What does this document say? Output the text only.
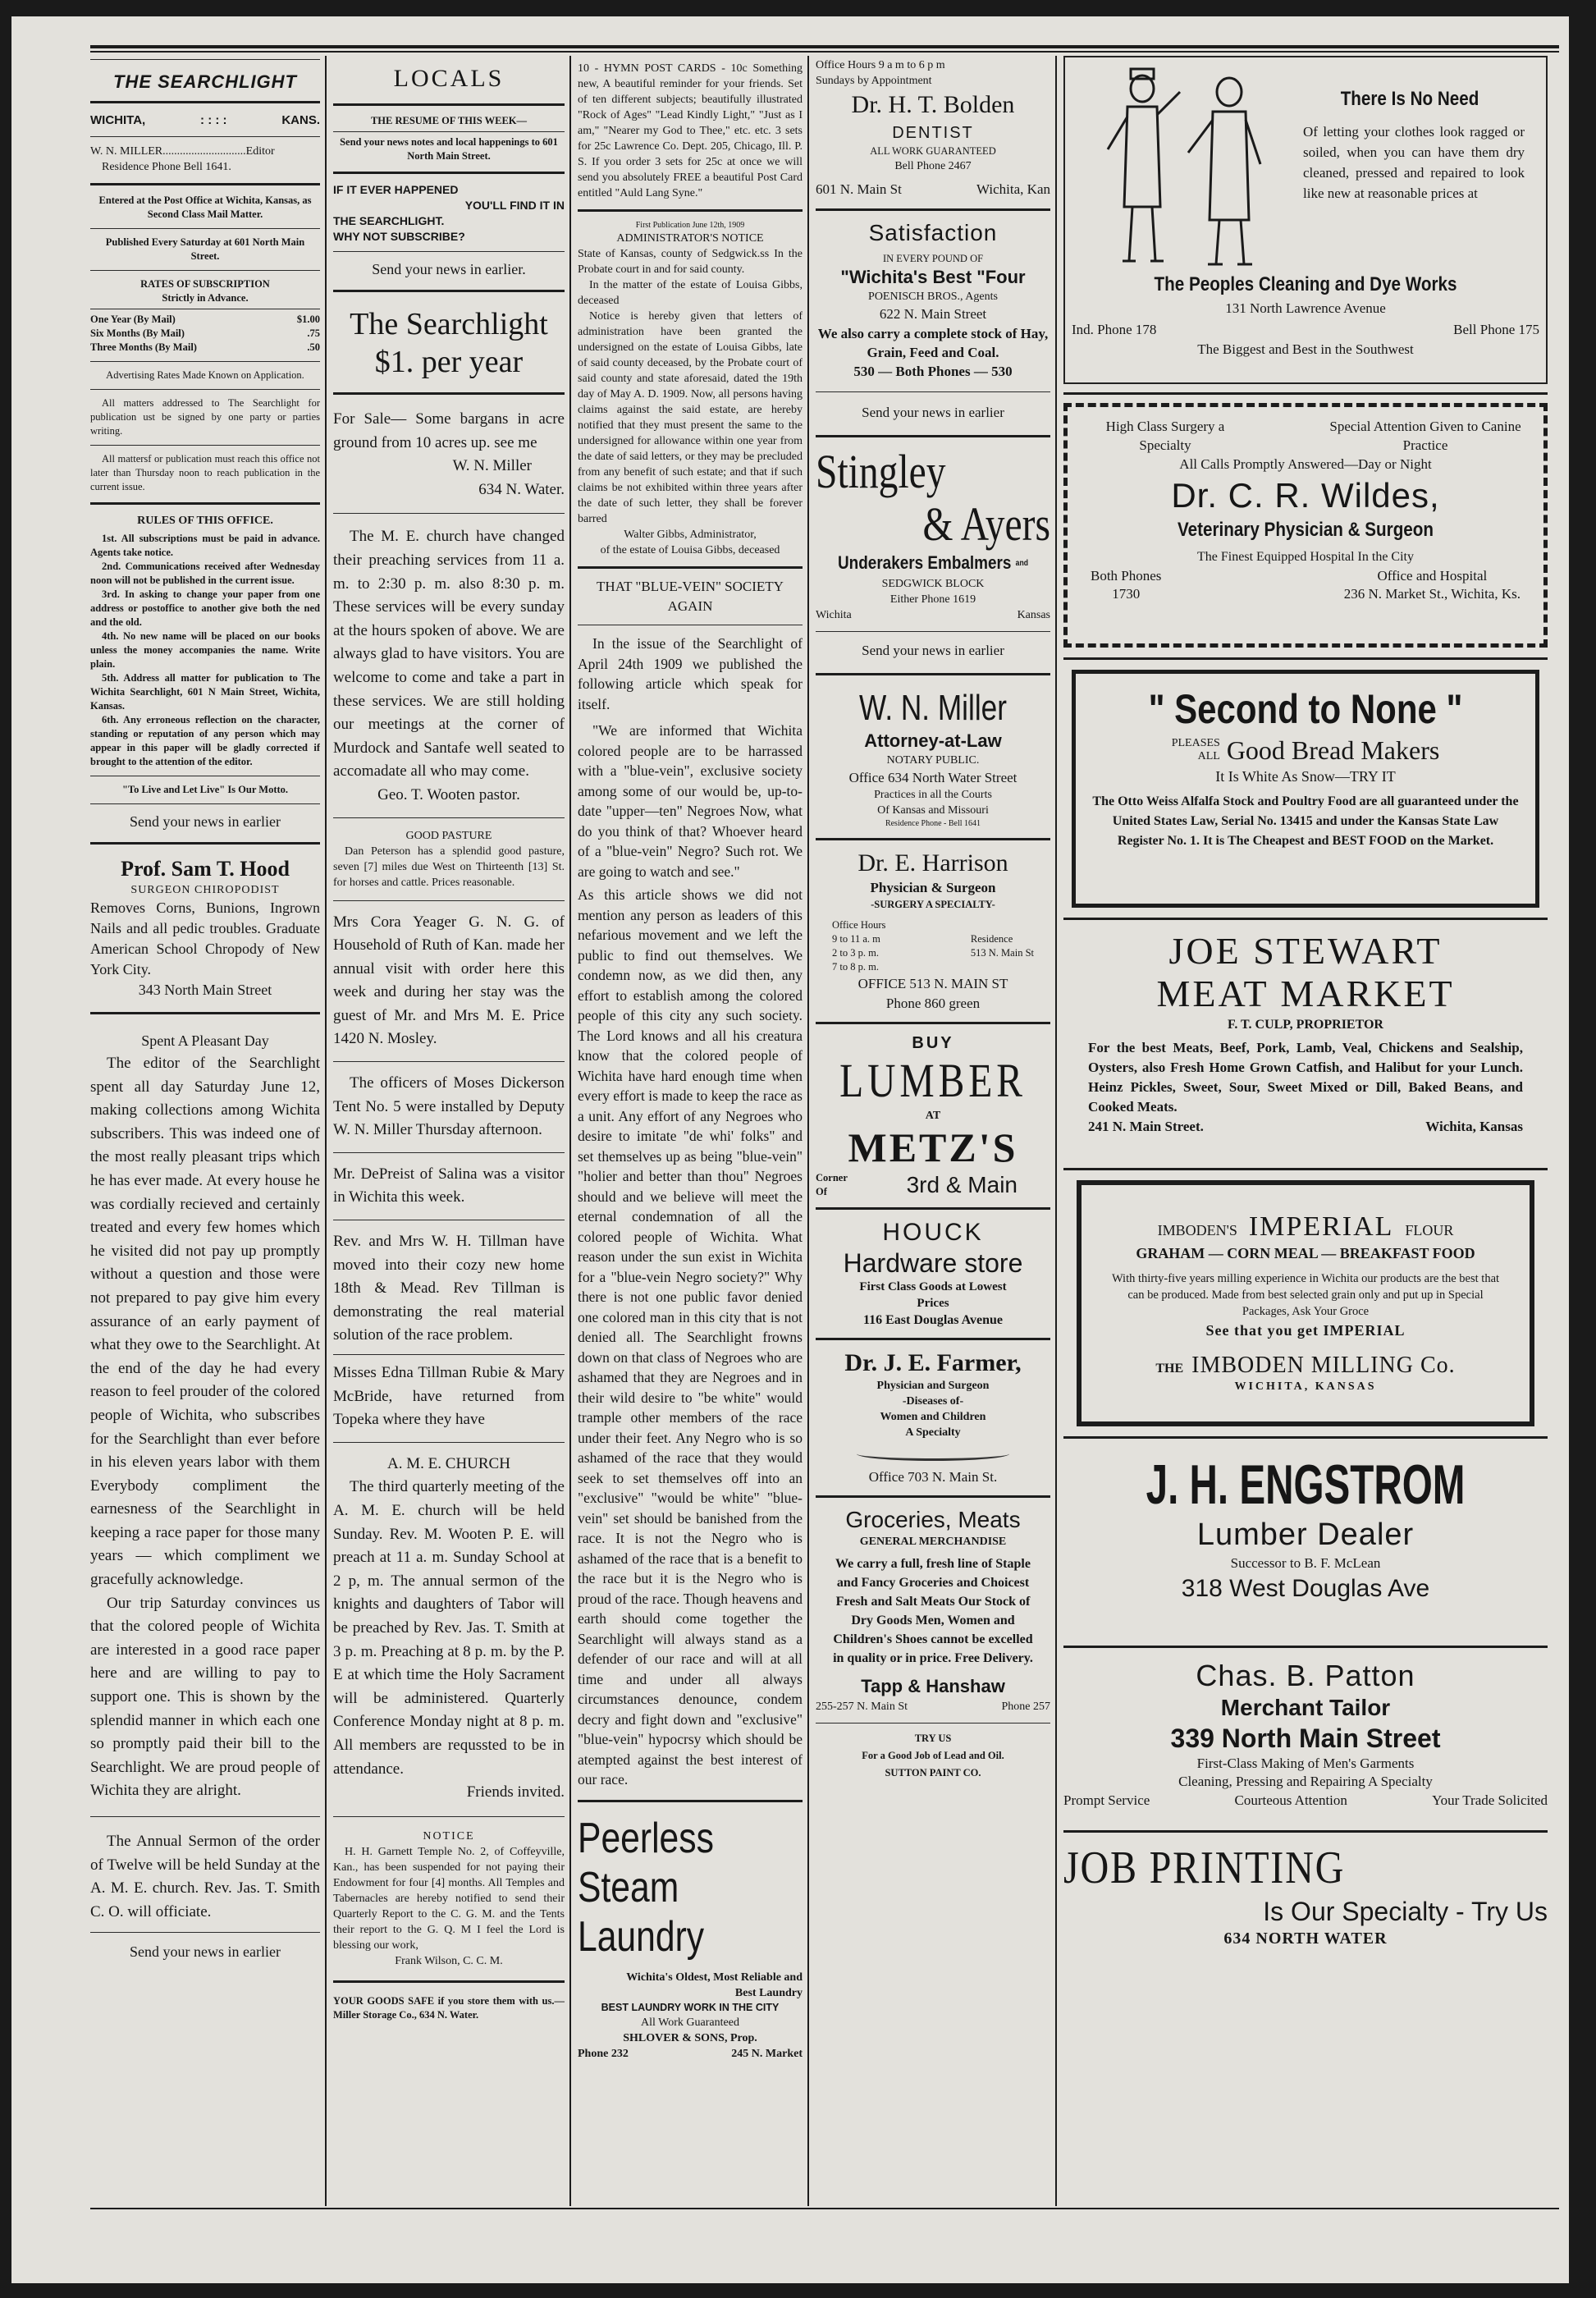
THE SEARCHLIGHT

WICHITA,	: : : :	KANS.

W. N. MILLER.............................Editor

Residence Phone Bell 1641.

Entered at the Post Office at Wichita, Kansas, as Second Class Mail Matter.

Published Every Saturday at 601 North Main Street.

RATES OF SUBSCRIPTION

Strictly in Advance.

One Year (By Mail)	$1.00
Six Months (By Mail)	.75
Three Months (By Mail)	.50

Advertising Rates Made Known on Application.

All matters addressed to The Searchlight for publication ust be signed by one party or parties writing.

All mattersf or publication must reach this office not later than Thursday noon to reach publication in the current issue.

RULES OF THIS OFFICE.

1st. All subscriptions must be paid in advance. Agents take notice.

2nd. Communications received after Wednesday noon will not be published in the current issue.

3rd. In asking to change your paper from one address or postoffice to another give both the ned and the old.

4th. No new name will be placed on our books unless the money accompanies the name. Write plain.

5th. Address all matter for publication to The Wichita Searchlight, 601 N Main Street, Wichita, Kansas.

6th. Any erroneous reflection on the character, standing or reputation of any person which may appear in this paper will be gladly corrected if brought to the attention of the editor.

"To Live and Let Live" Is Our Motto.

Send your news in earlier

Prof. Sam T. Hood

SURGEON CHIROPODIST

Removes Corns, Bunions, Ingrown Nails and all pedic troubles. Graduate American School Chropody of New York City.

343 North Main Street

Spent A Pleasant Day

The editor of the Searchlight spent all day Saturday June 12, making collections among Wichita subscribers. This was indeed one of the most really pleasant trips which he has ever made. At every house he was cordially recieved and certainly treated and every few homes which he visited did not pay up promptly without a question and those were not prepared to pay give him every assurance of an early payment of what they owe to the Searchlight. At the end of the day he had every reason to feel prouder of the colored people of Wichita, who subscribes for the Searchlight than ever before in his eleven years labor with them Everybody compliment the earnesness of the Searchlight in keeping a race paper for those many years — which compliment we gracefully acknowledge.

Our trip Saturday convinces us that the colored people of Wichita are interested in a good race paper here and are willing to pay to support one. This is shown by the splendid manner in which each one so promptly paid their bill to the Searchlight. We are proud people of Wichita they are alright.

The Annual Sermon of the order of Twelve will be held Sunday at the A. M. E. church. Rev. Jas. T. Smith C. O. will officiate.

Send your news in earlier

LOCALS

THE RESUME OF THIS WEEK—

Send your news notes and local happenings to 601 North Main Street.

IF IT EVER HAPPENED

YOU'LL FIND IT IN

THE SEARCHLIGHT.

WHY NOT SUBSCRIBE?

Send your news in earlier.

The Searchlight

$1. per year

For Sale— Some bargans in acre ground from 10 acres up. see me

W. N. Miller

634 N. Water.

The M. E. church have changed their preaching services from 11 a. m. to 2:30 p. m. also 8:30 p. m. These services will be every sunday at the hours spoken of above. We are always glad to have visitors. You are welcome to come and take a part in these services. We are still holding our meetings at the corner of Murdock and Santafe well seated to accomadate all who may come.

Geo. T. Wooten pastor.

GOOD PASTURE

Dan Peterson has a splendid good pasture, seven [7] miles due West on Thirteenth [13] St. for horses and cattle. Prices reasonable.

Mrs Cora Yeager G. N. G. of Household of Ruth of Kan. made her annual visit with order here this week and during her stay was the guest of Mr. and Mrs M. E. Price 1420 N. Mosley.

The officers of Moses Dickerson Tent No. 5 were installed by Deputy W. N. Miller Thursday afternoon.

Mr. DePreist of Salina was a visitor in Wichita this week.

Rev. and Mrs W. H. Tillman have moved into their cozy new home 18th & Mead. Rev Tillman is demonstrating the real material solution of the race problem.

Misses Edna Tillman Rubie & Mary McBride, have returned from Topeka where they have

A. M. E. CHURCH

The third quarterly meeting of the A. M. E. church will be held Sunday. Rev. M. Wooten P. E. will preach at 11 a. m. Sunday School at 2 p, m. The annual sermon of the knights and daughters of Tabor will be preached by Rev. Jas. T. Smith at 3 p. m. Preaching at 8 p. m. by the P. E at which time the Holy Sacrament will be administered. Quarterly Conference Monday night at 8 p. m. All members are requssted to be in attendance.

Friends invited.

NOTICE

H. H. Garnett Temple No. 2, of Coffeyville, Kan., has been suspended for not paying their Endowment for four [4] months. All Temples and Tabernacles are hereby notified to send their Quarterly Report to the C. G. M. and the Tents their report to the G. Q. M I feel the Lord is blessing our work,

Frank Wilson, C. C. M.

YOUR GOODS SAFE if you store them with us.—Miller Storage Co., 634 N. Water.

10 - HYMN POST CARDS - 10c Something new, A beautiful reminder for your friends. Set of ten different subjects; beautifully illustrated "Rock of Ages" "Lead Kindly Light," "Just as I am," "Nearer my God to Thee," etc. etc. 3 sets for 25c Lawrence Co. Dept. 205, Chicago, Ill. P. S. If you order 3 sets for 25c at once we will send you absolutely FREE a beautiful Post Card entitled "Auld Lang Syne."

First Publication June 12th, 1909

ADMINISTRATOR'S NOTICE

State of Kansas, county of Sedgwick.ss In the Probate court in and for said county.

In the matter of the estate of Louisa Gibbs, deceased

Notice is hereby given that letters of administration have been granted the undersigned on the estate of Louisa Gibbs, late of said county deceased, by the Probate court of said county and state aforesaid, dated the 19th day of May A. D. 1909. Now, all persons having claims against the said estate, are hereby notified that they must present the same to the undersigned for allowance within one year from the date of said letters, or they may be precluded from any benefit of such estate; and that if such claims be not exhibited within three years after the date of such letter, they shall be forever barred

Walter Gibbs, Administrator,

of the estate of Louisa Gibbs, deceased

THAT "BLUE-VEIN" SOCIETY AGAIN

In the issue of the Searchlight of April 24th 1909 we published the following article which speak for itself.

"We are informed that Wichita colored people are to be harrassed with a "blue-vein", exclusive society among some of our would be, up-to-date "upper—ten" Negroes Now, what do you think of that? Whoever heard of a "blue-vein" Negro? Such rot. We are going to watch and see."

As this article shows we did not mention any person as leaders of this nefarious movement and we left the public to find out themselves. We condemn now, as we did then, any effort to establish among the colored people of this city any such society. The Lord knows and all his creatura know that the colored people of Wichita have hard enough time when every effort is made to keep the race as a unit. Any effort of any Negroes who desire to imitate "de whi' folks" and set themselves up as being "blue-vein" "holier and better than thou" Negroes should and we believe will meet the eternal condemnation of all the colored people of Wichita. What reason under the sun exist in Wichita for a "blue-vein Negro society?" Why there is not one public favor denied one colored man in this city that is not denied all. The Searchlight frowns down on that class of Negroes who are ashamed that they are Negroes and in their wild desire to "be white" would trample other members of the race under their feet. Any Negro who is so ashamed of the race that they would seek to set themselves off into an "exclusive" "would be white" "blue-vein" set should be banished from the race. It is not the Negro who is ashamed of the race that is a benefit to the race but it is the Negro who is proud of the race. Though heavens and earth should come together the Searchlight will always stand as a defender of our race and will at all time and under all always circumstances denounce, condem decry and fight down and "exclusive" "blue-vein" hypocrsy which should be atempted against the best interest of our race.

Peerless

Steam

Laundry

Wichita's Oldest, Most Reliable and Best Laundry

BEST LAUNDRY WORK IN THE CITY

All Work Guaranteed

SHLOVER & SONS, Prop.

Phone 232	245 N. Market

Office Hours 9 a m to 6 p m

Sundays by Appointment

Dr. H. T. Bolden

DENTIST

ALL WORK GUARANTEED

Bell Phone 2467

601 N. Main St	Wichita, Kan

Satisfaction

IN EVERY POUND OF

"Wichita's Best "Four

POENISCH BROS., Agents

622 N. Main Street

We also carry a complete stock of Hay, Grain, Feed and Coal.

530 — Both Phones — 530

Send your news in earlier

Stingley

& Ayers

Underakers Embalmers and

SEDGWICK BLOCK

Either Phone 1619

Wichita	Kansas

Send your news in earlier

W. N. Miller

Attorney-at-Law

NOTARY PUBLIC.

Office 634 North Water Street

Practices in all the Courts

Of Kansas and Missouri

Residence Phone - Bell 1641

Dr. E. Harrison

Physician & Surgeon

-SURGERY A SPECIALTY-

Office Hours

9 to 11 a. m

2 to 3 p. m.

7 to 8 p. m.

Residence

513 N. Main St

OFFICE 513 N. MAIN ST

Phone 860 green

BUY

LUMBER

AT

METZ'S

Corner Of	3rd & Main

HOUCK

Hardware store

First Class Goods at Lowest Prices

116 East Douglas Avenue

Dr. J. E. Farmer,

Physician and Surgeon

-Diseases of-

Women and Children

A Specialty

Office 703 N. Main St.

Groceries, Meats

GENERAL MERCHANDISE

We carry a full, fresh line of Staple and Fancy Groceries and Choicest Fresh and Salt Meats Our Stock of Dry Goods Men, Women and Children's Shoes cannot be excelled in quality or in price. Free Delivery.

Tapp & Hanshaw

255-257 N. Main St	Phone 257

TRY US

For a Good Job of Lead and Oil.

SUTTON PAINT CO.

There Is No Need

Of letting your clothes look ragged or soiled, when you can have them dry cleaned, pressed and repaired to look like new at reasonable prices at

The Peoples Cleaning and Dye Works

131 North Lawrence Avenue

Ind. Phone 178	Bell Phone 175

The Biggest and Best in the Southwest

High Class Surgery a Specialty

Special Attention Given to Canine Practice

All Calls Promptly Answered—Day or Night

Dr. C. R. Wildes,

Veterinary Physician & Surgeon

The Finest Equipped Hospital In the City

Both Phones

1730

Office and Hospital

236 N. Market St., Wichita, Ks.

" Second to None "

PLEASES

ALL Good Bread Makers

It Is White As Snow—TRY IT

The Otto Weiss Alfalfa Stock and Poultry Food are all guaranteed under the United States Law, Serial No. 13415 and under the Kansas State Law Register No. 1. It is The Cheapest and BEST FOOD on the Market.

JOE STEWART

MEAT MARKET

F. T. CULP, PROPRIETOR

For the best Meats, Beef, Pork, Lamb, Veal, Chickens and Sealship, Oysters, also Fresh Home Grown Catfish, and Halibut for your Lunch. Heinz Pickles, Sweet, Sour, Sweet Mixed or Dill, Baked Beans, and Cooked Meats.

241 N. Main Street.	Wichita, Kansas

IMBODEN'S IMPERIAL FLOUR

GRAHAM — CORN MEAL — BREAKFAST FOOD

With thirty-five years milling experience in Wichita our products are the best that can be produced. Made from best selected grain only and put up in Special Packages, Ask Your Groce

See that you get IMPERIAL

THE IMBODEN MILLING Co.

WICHITA, KANSAS

J. H. ENGSTROM

Lumber Dealer

Successor to B. F. McLean

318 West Douglas Ave

Chas. B. Patton

Merchant Tailor

339 North Main Street

First-Class Making of Men's Garments

Cleaning, Pressing and Repairing A Specialty

Prompt Service	Courteous Attention	Your Trade Solicited

JOB PRINTING

Is Our Specialty - Try Us

634 NORTH WATER
